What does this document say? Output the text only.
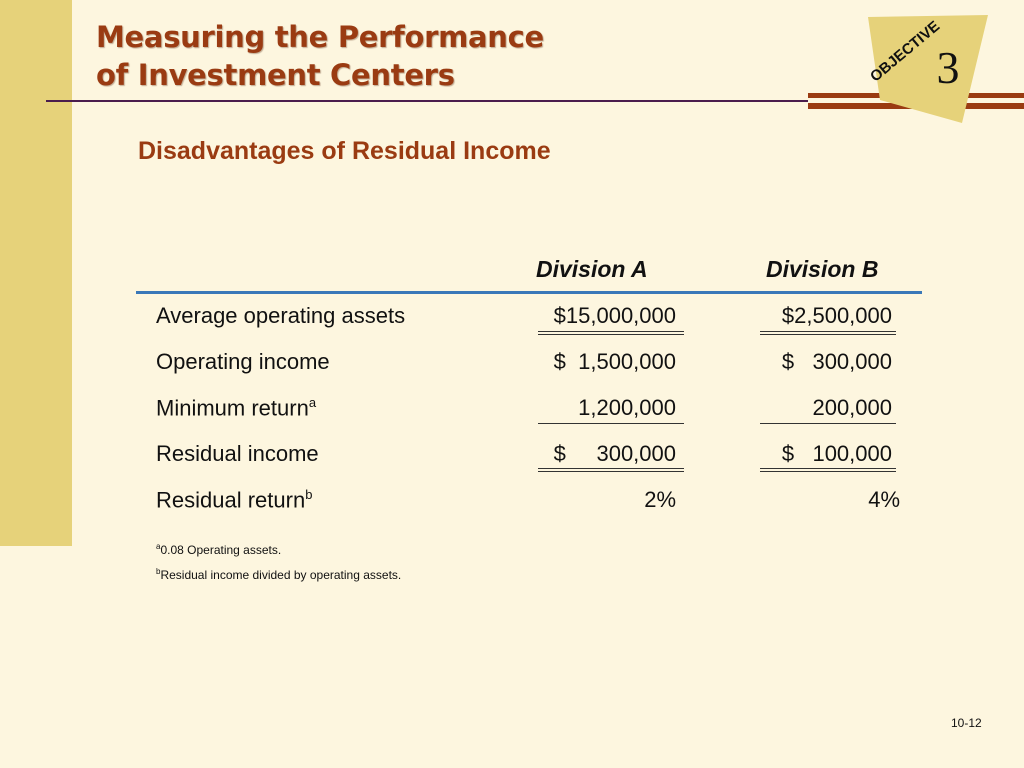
Measuring the Performance
of Investment Centers	OBJECTIVE
3
Disadvantages of Residual Income
Division A	Division B
Average operating assets	$15,000,000	$2,500,000
Operating income	$  1,500,000	$   300,000
Minimum return$^a$	1,200,000	200,000
Residual income	$     300,000	$   100,000
Residual return$^b$	2%	4%
$^a$0.08 Operating assets.
$^b$Residual income divided by operating assets.
10-12
